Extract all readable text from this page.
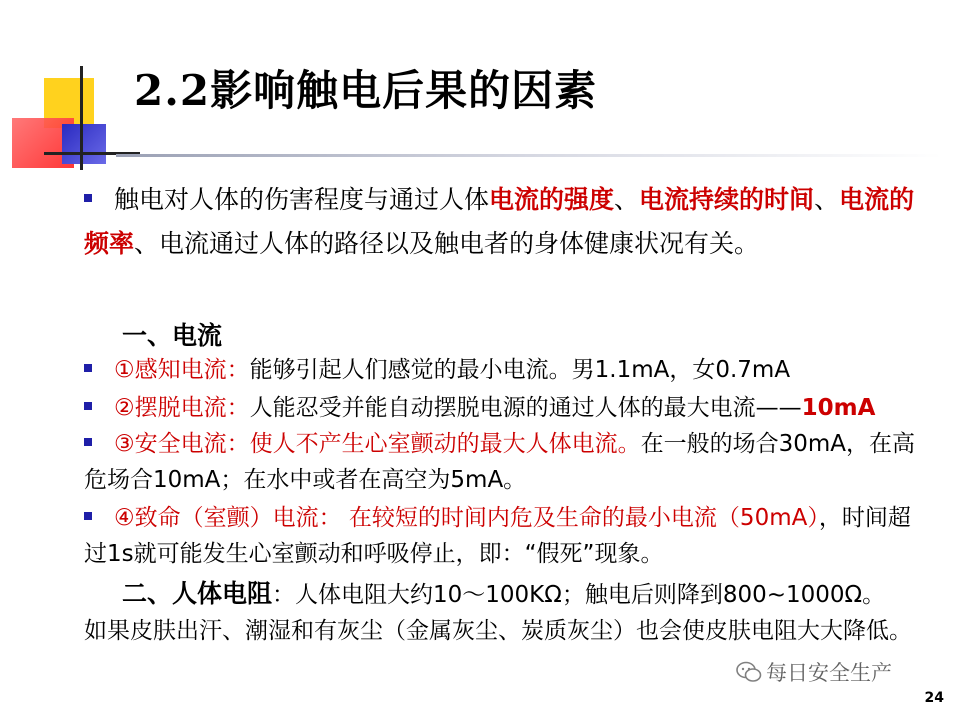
2.2影响触电后果的因素
触电对人体的伤害程度与通过人体电流的强度、电流持续的时间、电流的频率、电流通过人体的路径以及触电者的身体健康状况有关。
一、电流
①感知电流：能够引起人们感觉的最小电流。男1.1mA，女0.7mA
②摆脱电流：人能忍受并能自动摆脱电源的通过人体的最大电流——10mA
③安全电流：使人不产生心室颤动的最大人体电流。在一般的场合30mA，在高危场合10mA；在水中或者在高空为5mA。
④致命（室颤）电流： 在较短的时间内危及生命的最小电流（50mA），时间超过1s就可能发生心室颤动和呼吸停止，即：“假死”现象。
二、人体电阻：人体电阻大约10～100KΩ；触电后则降到800~1000Ω。
如果皮肤出汗、潮湿和有灰尘（金属灰尘、炭质灰尘）也会使皮肤电阻大大降低。
每日安全生产
24
